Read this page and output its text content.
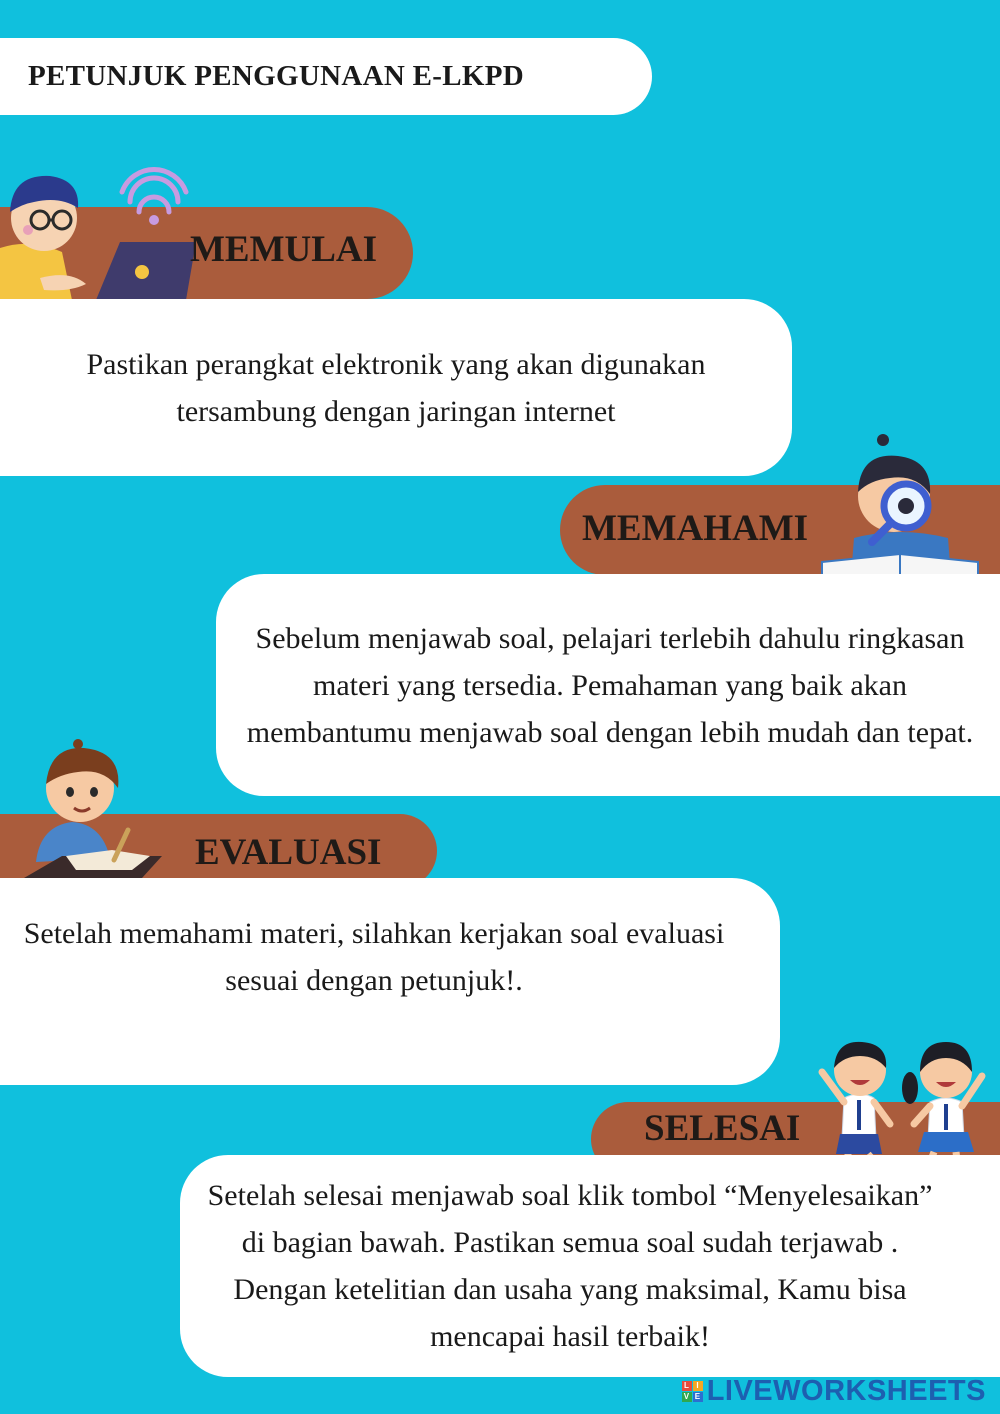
PETUNJUK PENGGUNAAN E-LKPD
MEMULAI
Pastikan perangkat elektronik yang akan digunakan tersambung dengan jaringan internet
MEMAHAMI
Sebelum menjawab soal, pelajari terlebih dahulu ringkasan materi yang tersedia. Pemahaman yang baik akan membantumu menjawab soal dengan lebih mudah dan tepat.
EVALUASI
Setelah memahami materi, silahkan kerjakan soal evaluasi sesuai dengan petunjuk!.
SELESAI
Setelah selesai menjawab soal klik tombol “Menyelesaikan” di bagian bawah. Pastikan semua soal sudah terjawab . Dengan ketelitian dan usaha yang maksimal, Kamu bisa mencapai hasil terbaik!
L I
V E LIVEWORKSHEETS
